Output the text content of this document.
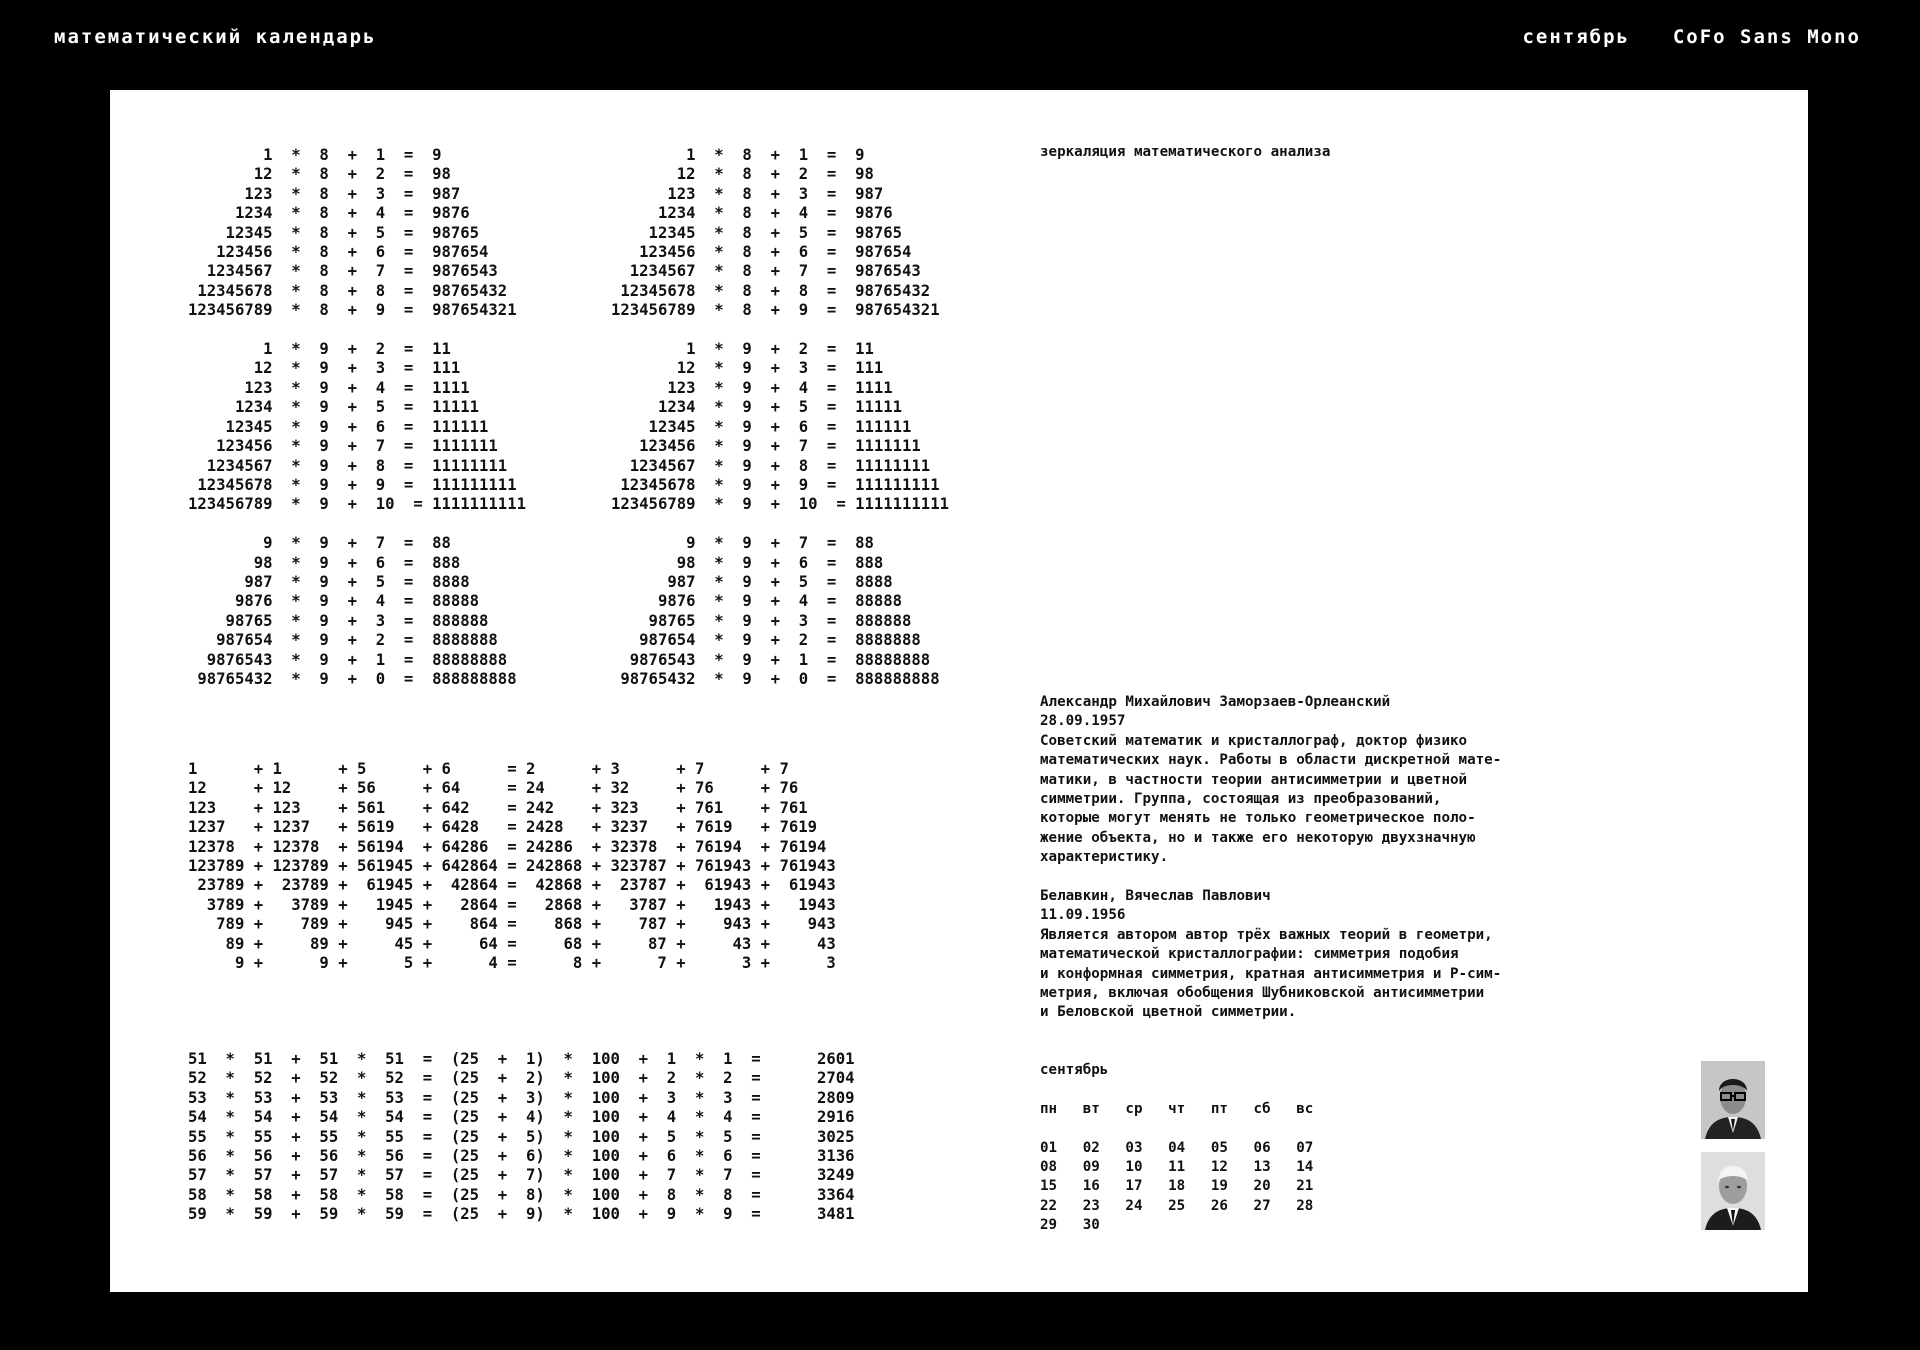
математический календарь	сентябрь CoFo Sans Mono
1  *  8  +  1  =  9
12  *  8  +  2  =  98
123  *  8  +  3  =  987
1234  *  8  +  4  =  9876
12345  *  8  +  5  =  98765
123456  *  8  +  6  =  987654
1234567  *  8  +  7  =  9876543
12345678  *  8  +  8  =  98765432
123456789  *  8  +  9  =  987654321

1  *  9  +  2  =  11
12  *  9  +  3  =  111
123  *  9  +  4  =  1111
1234  *  9  +  5  =  11111
12345  *  9  +  6  =  111111
123456  *  9  +  7  =  1111111
1234567  *  9  +  8  =  11111111
12345678  *  9  +  9  =  111111111
123456789  *  9  +  10  = 1111111111

9  *  9  +  7  =  88
98  *  9  +  6  =  888
987  *  9  +  5  =  8888
9876  *  9  +  4  =  88888
98765  *  9  +  3  =  888888
987654  *  9  +  2  =  8888888
9876543  *  9  +  1  =  88888888
98765432  *  9  +  0  =  888888888
1  *  8  +  1  =  9
12  *  8  +  2  =  98
123  *  8  +  3  =  987
1234  *  8  +  4  =  9876
12345  *  8  +  5  =  98765
123456  *  8  +  6  =  987654
1234567  *  8  +  7  =  9876543
12345678  *  8  +  8  =  98765432
123456789  *  8  +  9  =  987654321

1  *  9  +  2  =  11
12  *  9  +  3  =  111
123  *  9  +  4  =  1111
1234  *  9  +  5  =  11111
12345  *  9  +  6  =  111111
123456  *  9  +  7  =  1111111
1234567  *  9  +  8  =  11111111
12345678  *  9  +  9  =  111111111
123456789  *  9  +  10  = 1111111111

9  *  9  +  7  =  88
98  *  9  +  6  =  888
987  *  9  +  5  =  8888
9876  *  9  +  4  =  88888
98765  *  9  +  3  =  888888
987654  *  9  +  2  =  8888888
9876543  *  9  +  1  =  88888888
98765432  *  9  +  0  =  888888888
1      + 1      + 5      + 6      = 2      + 3      + 7      + 7
12     + 12     + 56     + 64     = 24     + 32     + 76     + 76
123    + 123    + 561    + 642    = 242    + 323    + 761    + 761
1237   + 1237   + 5619   + 6428   = 2428   + 3237   + 7619   + 7619
12378  + 12378  + 56194  + 64286  = 24286  + 32378  + 76194  + 76194
123789 + 123789 + 561945 + 642864 = 242868 + 323787 + 761943 + 761943
23789 +  23789 +  61945 +  42864 =  42868 +  23787 +  61943 +  61943
3789 +   3789 +   1945 +   2864 =   2868 +   3787 +   1943 +   1943
789 +    789 +    945 +    864 =    868 +    787 +    943 +    943
89 +     89 +     45 +     64 =     68 +     87 +     43 +     43
9 +      9 +      5 +      4 =      8 +      7 +      3 +      3
51  *  51  +  51  *  51  =  (25  +  1)  *  100  +  1  *  1  =      2601
52  *  52  +  52  *  52  =  (25  +  2)  *  100  +  2  *  2  =      2704
53  *  53  +  53  *  53  =  (25  +  3)  *  100  +  3  *  3  =      2809
54  *  54  +  54  *  54  =  (25  +  4)  *  100  +  4  *  4  =      2916
55  *  55  +  55  *  55  =  (25  +  5)  *  100  +  5  *  5  =      3025
56  *  56  +  56  *  56  =  (25  +  6)  *  100  +  6  *  6  =      3136
57  *  57  +  57  *  57  =  (25  +  7)  *  100  +  7  *  7  =      3249
58  *  58  +  58  *  58  =  (25  +  8)  *  100  +  8  *  8  =      3364
59  *  59  +  59  *  59  =  (25  +  9)  *  100  +  9  *  9  =      3481
зеркаляция математического анализа
Александр Михайлович Заморзаев-Орлеанский
28.09.1957
Советский математик и кристаллограф, доктор физико
математических наук. Работы в области дискретной мате-
матики, в частности теории антисимметрии и цветной
симметрии. Группа, состоящая из преобразований,
которые могут менять не только геометрическое поло-
жение объекта, но и также его некоторую двухзначную
характеристику.
Белавкин, Вячеслав Павлович
11.09.1956
Является автором автор трёх важных теорий в геометри,
математической кристаллографии: симметрия подобия
и конформная симметрия, кратная антисимметрия и Р-сим-
метрия, включая обобщения Шубниковской антисимметрии
и Беловской цветной симметрии.
сентябрь

пн   вт   ср   чт   пт   сб   вс

01   02   03   04   05   06   07
08   09   10   11   12   13   14
15   16   17   18   19   20   21
22   23   24   25   26   27   28
29   30
